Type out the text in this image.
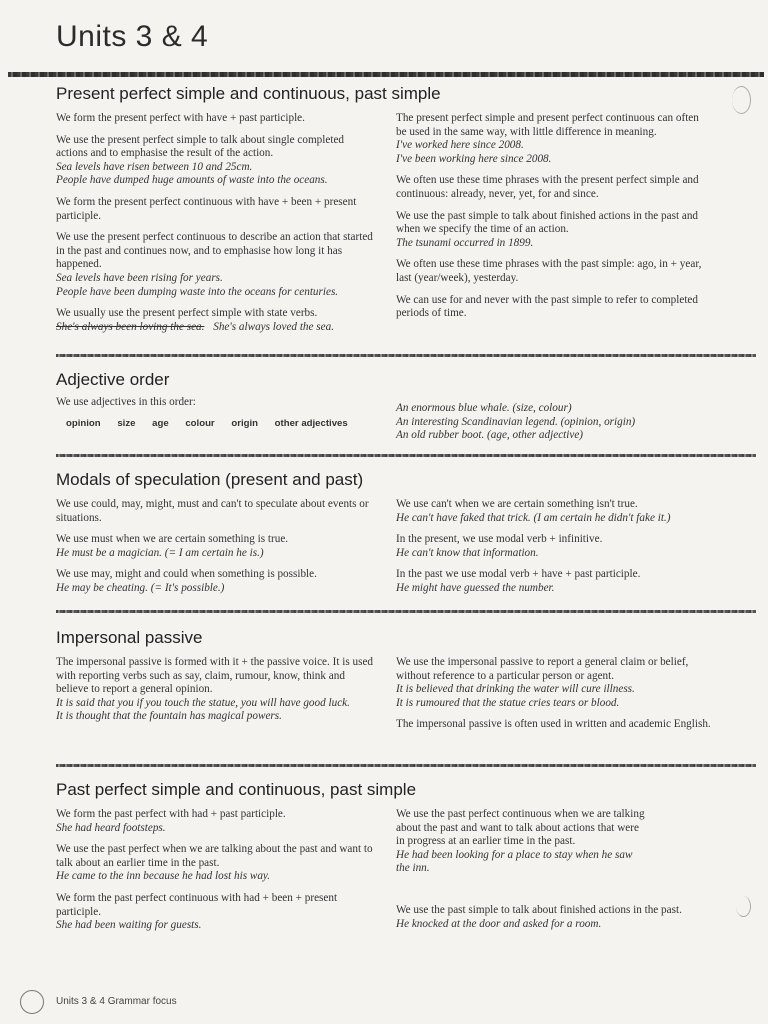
Units 3 & 4
Present perfect simple and continuous, past simple

We form the present perfect with have + past participle.

We use the present perfect simple to talk about single completed actions and to emphasise the result of the action.

Sea levels have risen between 10 and 25cm.
People have dumped huge amounts of waste into the oceans.

We form the present perfect continuous with have + been + present participle.

We use the present perfect continuous to describe an action that started in the past and continues now, and to emphasise how long it has happened.

Sea levels have been rising for years.
People have been dumping waste into the oceans for centuries.

We usually use the present perfect simple with state verbs.

She's always been loving the sea. She's always loved the sea.

The present perfect simple and present perfect continuous can often be used in the same way, with little difference in meaning.

I've worked here since 2008.
I've been working here since 2008.

We often use these time phrases with the present perfect simple and continuous: already, never, yet, for and since.

We use the past simple to talk about finished actions in the past and when we specify the time of an action.

The tsunami occurred in 1899.

We often use these time phrases with the past simple: ago, in + year, last (year/week), yesterday.

We can use for and never with the past simple to refer to completed periods of time.

Adjective order
We use adjectives in this order:
opinion size age colour origin other adjectives
An enormous blue whale. (size, colour)
An interesting Scandinavian legend. (opinion, origin)
An old rubber boot. (age, other adjective)
Modals of speculation (present and past)

We use could, may, might, must and can't to speculate about events or situations.

We use must when we are certain something is true.

He must be a magician. (= I am certain he is.)

We use may, might and could when something is possible.

He may be cheating. (= It's possible.)

We use can't when we are certain something isn't true.

He can't have faked that trick. (I am certain he didn't fake it.)

In the present, we use modal verb + infinitive.

He can't know that information.

In the past we use modal verb + have + past participle.

He might have guessed the number.
Impersonal passive

The impersonal passive is formed with it + the passive voice. It is used with reporting verbs such as say, claim, rumour, know, think and believe to report a general opinion.

It is said that you if you touch the statue, you will have good luck.
It is thought that the fountain has magical powers.

We use the impersonal passive to report a general claim or belief, without reference to a particular person or agent.

It is believed that drinking the water will cure illness.
It is rumoured that the statue cries tears or blood.

The impersonal passive is often used in written and academic English.

Past perfect simple and continuous, past simple

We form the past perfect with had + past participle.

She had heard footsteps.

We use the past perfect when we are talking about the past and want to talk about an earlier time in the past.

He came to the inn because he had lost his way.

We form the past perfect continuous with had + been + present participle.

She had been waiting for guests.

We use the past perfect continuous when we are talking about the past and want to talk about actions that were in progress at an earlier time in the past.

He had been looking for a place to stay when he saw the inn.

We use the past simple to talk about finished actions in the past.

He knocked at the door and asked for a room.
Units 3 & 4 Grammar focus
